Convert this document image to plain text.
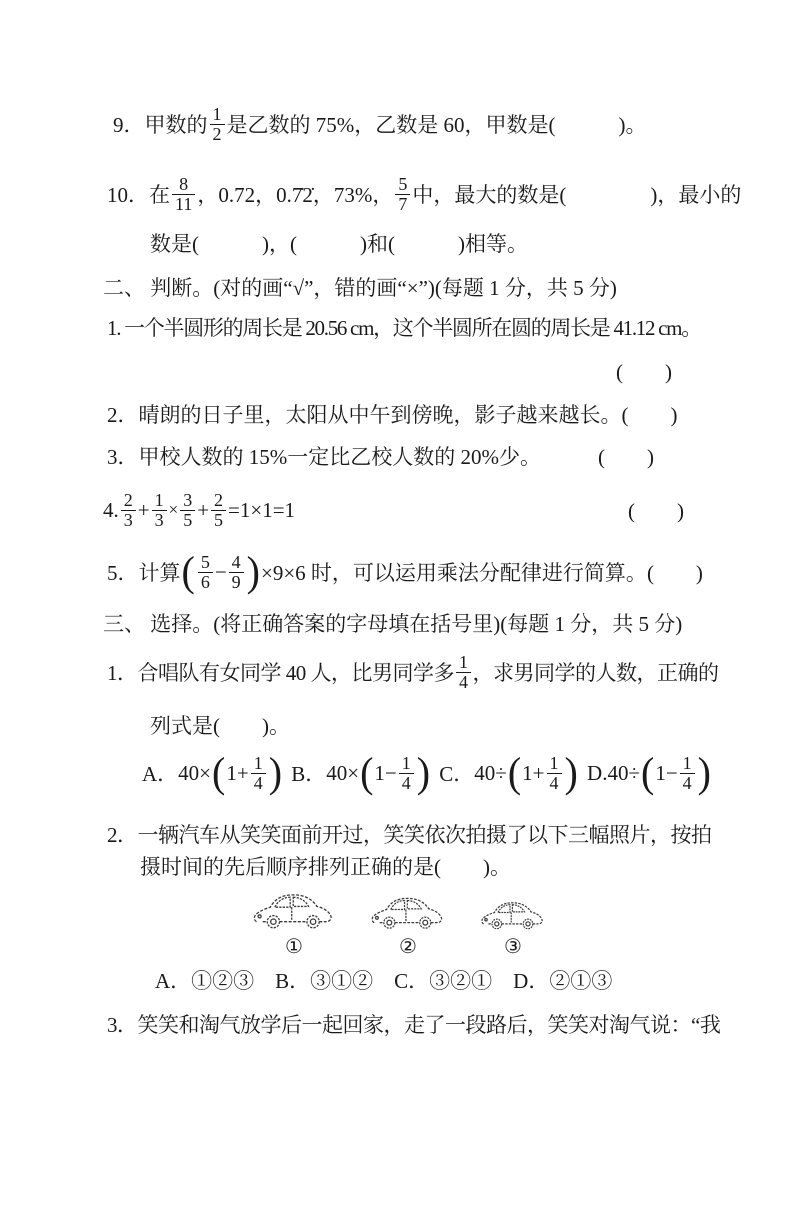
9． 甲数的 $\frac{1}{2}$ 是乙数的 75%，乙数是 60，甲数是(　　　)。
10． 在 $\frac{8}{11}$ ，0.72，0.7̇2̇，73%， $\frac{5}{7}$ 中，最大的数是(　　　　)，最小的
数是(　　　)，(　　　)和(　　　)相等。
二、 判断。(对的画“√”，错的画“×”)(每题 1 分，共 5 分)
1. 一个半圆形的周长是 20.56 cm，这个半圆所在圆的周长是 41.12 cm。
(　　)
2．晴朗的日子里，太阳从中午到傍晚，影子越来越长。 (　　)
3．甲校人数的 15%一定比乙校人数的 20%少。	(　　)
4. $\frac{2}{3} + \frac{1}{3} \times \frac{3}{5} + \frac{2}{5} =1\times 1=1$	(　　)
5． 计算 ( $\frac{5}{6} - \frac{4}{9}$ ) ×9×6 时，可以运用乘法分配律进行简算。 (　　)
三、 选择。(将正确答案的字母填在括号里)(每题 1 分，共 5 分)
1．合唱队有女同学 40 人，比男同学多 $\frac{1}{4}$ ，求男同学的人数，正确的
列式是(　　)。
A． 40× ( $1+ \frac{1}{4}$ ) B． 40× ( $1- \frac{1}{4}$ ) C． 40÷ ( $1+ \frac{1}{4}$ ) D. 40÷ ( $1- \frac{1}{4}$ )
2．一辆汽车从笑笑面前开过，笑笑依次拍摄了以下三幅照片，按拍
摄时间的先后顺序排列正确的是(　　)。
①	②	③
A．①②③　B．③①②　C．③②①　D．②①③
3．笑笑和淘气放学后一起回家，走了一段路后，笑笑对淘气说：“我
